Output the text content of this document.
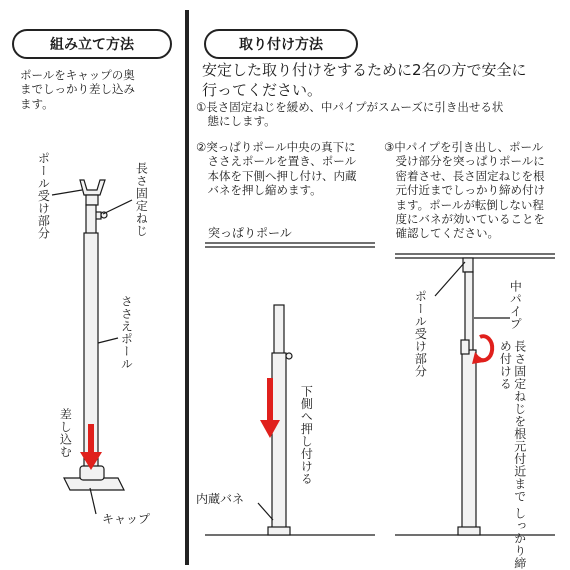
組み立て方法
ポールをキャップの奥
までしっかり差し込み
ます。
ポール受け部分	長さ固定ねじ
ささえポール
差し込む
キャップ
取り付け方法
安定した取り付けをするために2名の方で安全に
行ってください。
①長さ固定ねじを緩め、中パイプがスムーズに引き出せる状
　態にします。
②突っぱりポール中央の真下に
　ささえポールを置き、ポール
　本体を下側へ押し付け、内蔵
　バネを押し縮めます。
③中パイプを引き出し、ポール
　受け部分を突っぱりポールに
　密着させ、長さ固定ねじを根
　元付近までしっかり締め付け
　ます。ポールが転倒しない程
　度にバネが効いていることを
　確認してください。
突っぱりポール
下側へ押し付ける
内蔵バネ
ポール受け部分	中パイプ
長さ固定ねじを根元付近まで しっかり締め付ける
